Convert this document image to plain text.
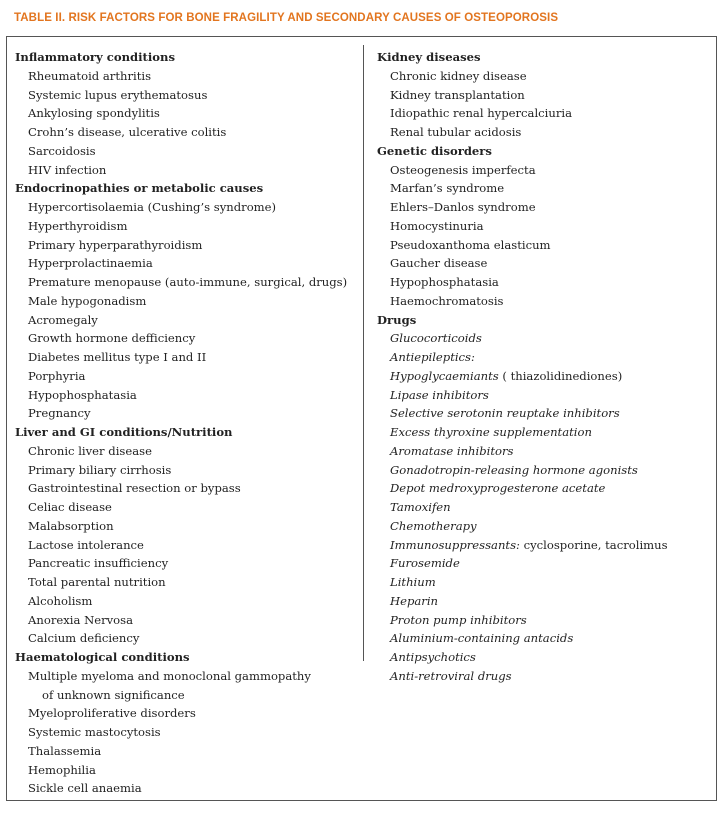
TABLE II. RISK FACTORS FOR BONE FRAGILITY AND SECONDARY CAUSES OF OSTEOPOROSIS
Inflammatory conditions
Rheumatoid arthritis
Systemic lupus erythematosus
Ankylosing spondylitis
Crohn’s disease, ulcerative colitis
Sarcoidosis
HIV infection
Endocrinopathies or metabolic causes
Hypercortisolaemia (Cushing’s syndrome)
Hyperthyroidism
Primary hyperparathyroidism
Hyperprolactinaemia
Premature menopause (auto-immune, surgical, drugs)
Male hypogonadism
Acromegaly
Growth hormone defficiency
Diabetes mellitus type I and II
Porphyria
Hypophosphatasia
Pregnancy
Liver and GI conditions/Nutrition
Chronic liver disease
Primary biliary cirrhosis
Gastrointestinal resection or bypass
Celiac disease
Malabsorption
Lactose intolerance
Pancreatic insufficiency
Total parental nutrition
Alcoholism
Anorexia Nervosa
Calcium deficiency
Haematological conditions
Multiple myeloma and monoclonal gammopathy
of unknown significance
Myeloproliferative disorders
Systemic mastocytosis
Thalassemia
Hemophilia
Sickle cell anaemia
Kidney diseases
Chronic kidney disease
Kidney transplantation
Idiopathic renal hypercalciuria
Renal tubular acidosis
Genetic disorders
Osteogenesis imperfecta
Marfan’s syndrome
Ehlers–Danlos syndrome
Homocystinuria
Pseudoxanthoma elasticum
Gaucher disease
Hypophosphatasia
Haemochromatosis
Drugs
Glucocorticoids
Antiepileptics:
Hypoglycaemiants ( thiazolidinediones)
Lipase inhibitors
Selective serotonin reuptake inhibitors
Excess thyroxine supplementation
Aromatase inhibitors
Gonadotropin-releasing hormone agonists
Depot medroxyprogesterone acetate
Tamoxifen
Chemotherapy
Immunosuppressants: cyclosporine, tacrolimus
Furosemide
Lithium
Heparin
Proton pump inhibitors
Aluminium-containing antacids
Antipsychotics
Anti-retroviral drugs
